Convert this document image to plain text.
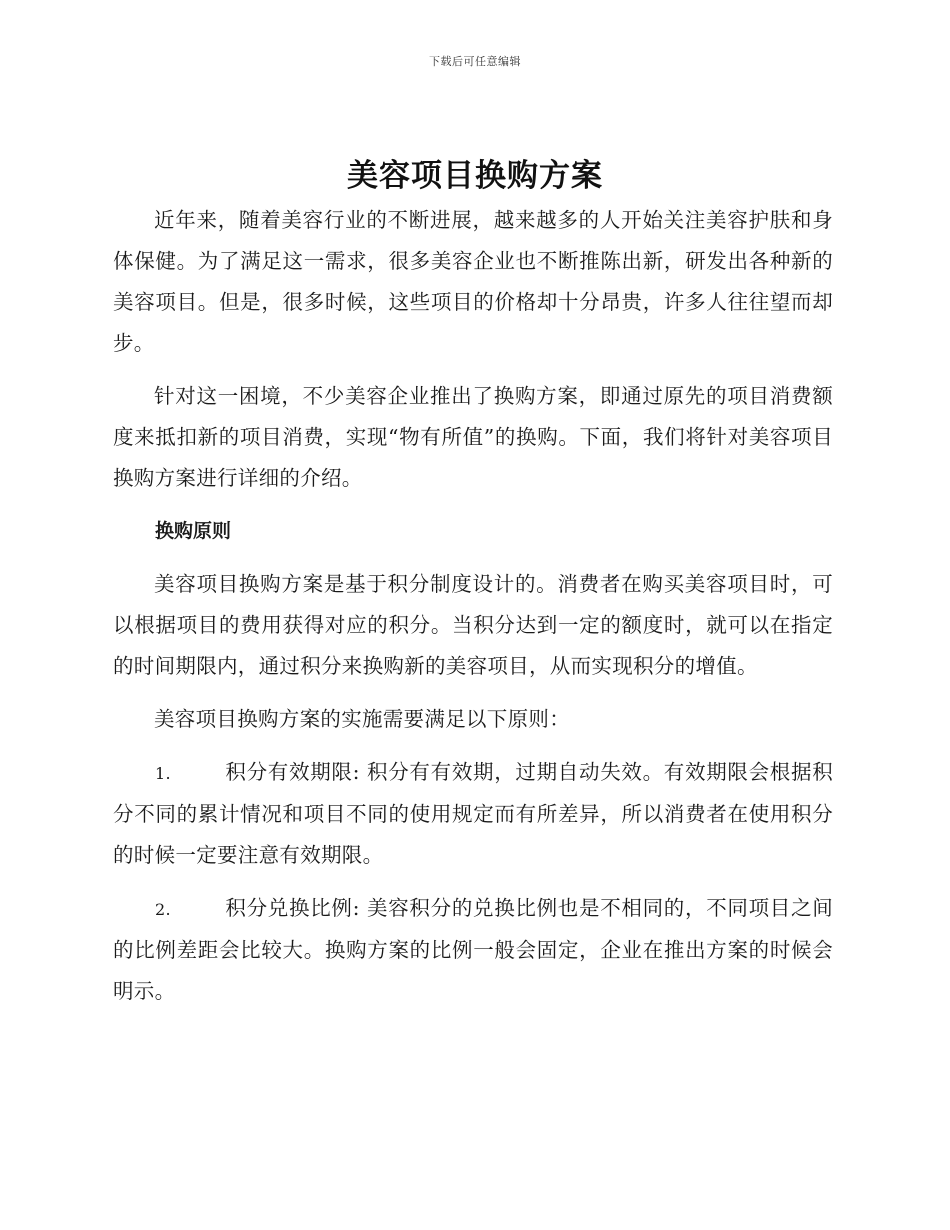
下载后可任意编辑
美容项目换购方案

近年来，随着美容行业的不断进展，越来越多的人开始关注美容护肤和身体保健。为了满足这一需求，很多美容企业也不断推陈出新，研发出各种新的美容项目。但是，很多时候，这些项目的价格却十分昂贵，许多人往往望而却步。

针对这一困境，不少美容企业推出了换购方案，即通过原先的项目消费额度来抵扣新的项目消费，实现“物有所值”的换购。下面，我们将针对美容项目换购方案进行详细的介绍。

换购原则

美容项目换购方案是基于积分制度设计的。消费者在购买美容项目时，可以根据项目的费用获得对应的积分。当积分达到一定的额度时，就可以在指定的时间期限内，通过积分来换购新的美容项目，从而实现积分的增值。

美容项目换购方案的实施需要满足以下原则：

1.	积分有效期限: 积分有有效期，过期自动失效。有效期限会根据积分不同的累计情况和项目不同的使用规定而有所差异，所以消费者在使用积分的时候一定要注意有效期限。

2.	积分兑换比例: 美容积分的兑换比例也是不相同的，不同项目之间的比例差距会比较大。换购方案的比例一般会固定，企业在推出方案的时候会明示。
